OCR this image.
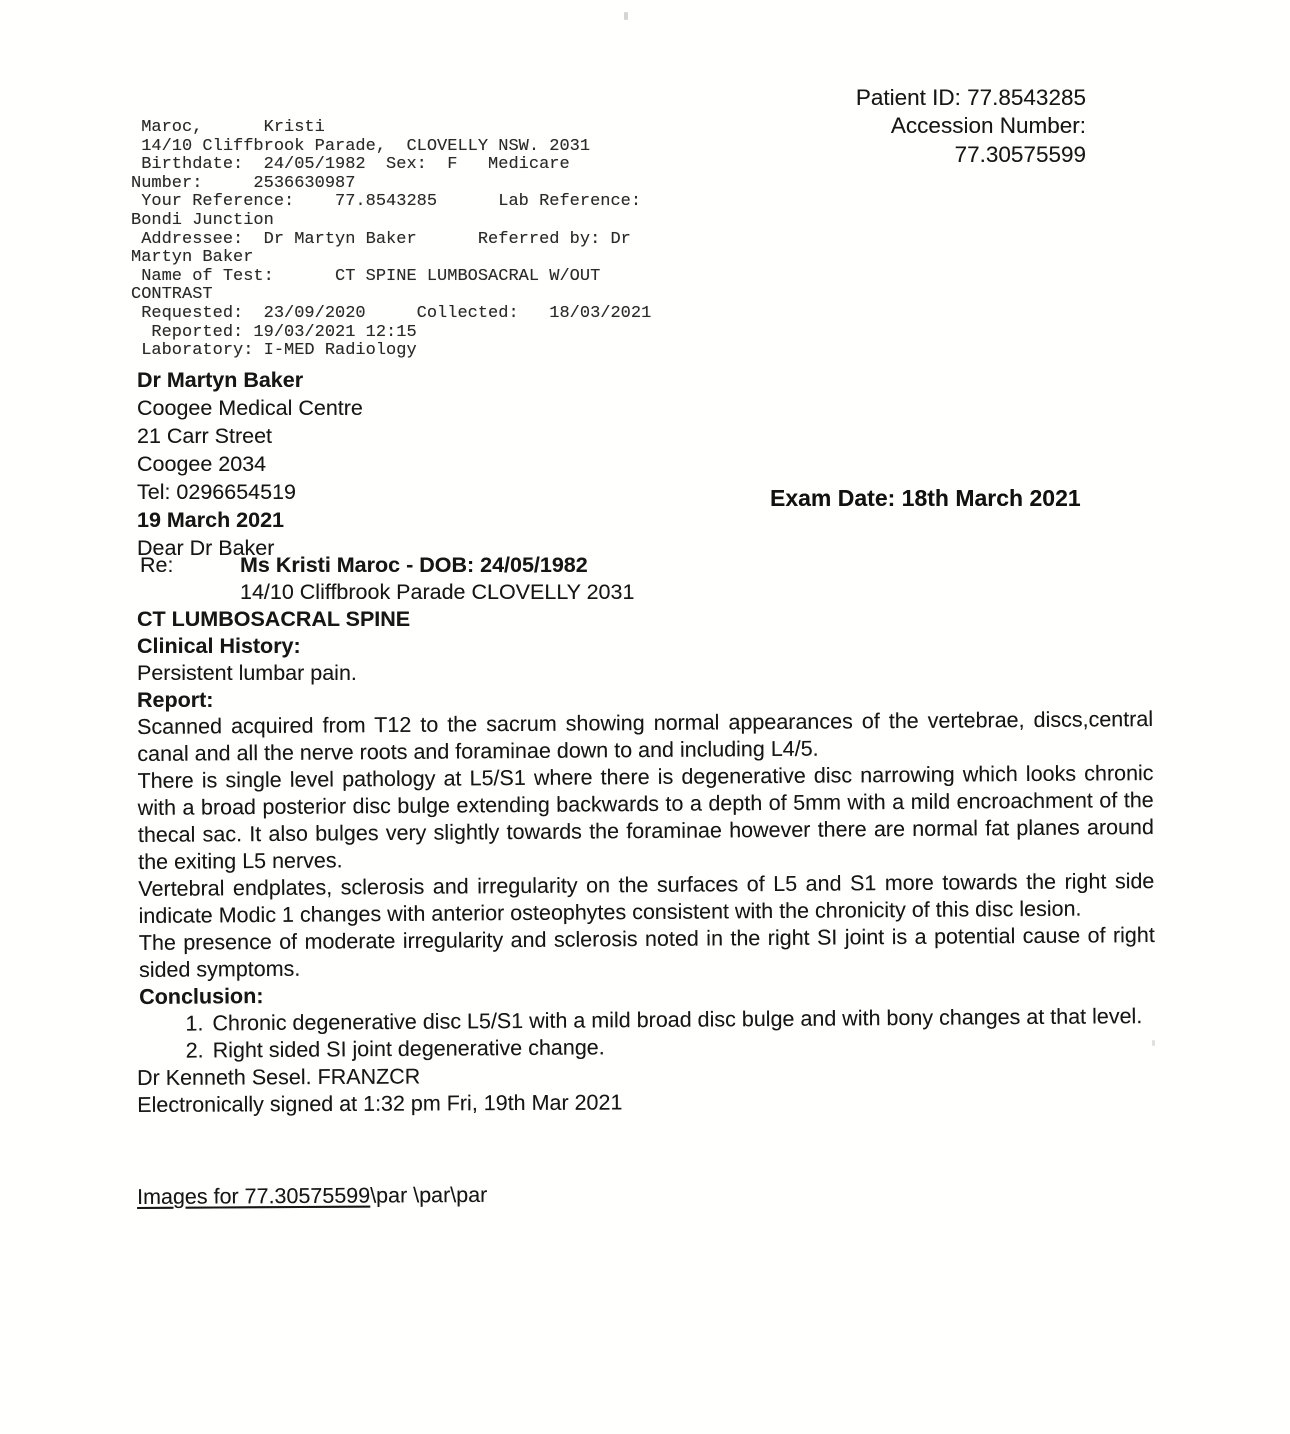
Patient ID: 77.8543285
Accession Number:
77.30575599
Maroc,      Kristi
14/10 Cliffbrook Parade,  CLOVELLY NSW. 2031
Birthdate:  24/05/1982  Sex:  F   Medicare
Number:     2536630987
Your Reference:    77.8543285      Lab Reference:
Bondi Junction
Addressee:  Dr Martyn Baker      Referred by: Dr
Martyn Baker
Name of Test:      CT SPINE LUMBOSACRAL W/OUT
CONTRAST
Requested:  23/09/2020     Collected:   18/03/2021
Reported: 19/03/2021 12:15
Laboratory: I-MED Radiology
Dr Martyn Baker
Coogee Medical Centre
21 Carr Street
Coogee 2034
Tel: 0296654519
19 March 2021
Dear Dr Baker
Exam Date: 18th March 2021
Re:	Ms Kristi Maroc - DOB: 24/05/1982
14/10 Cliffbrook Parade CLOVELLY 2031
CT LUMBOSACRAL SPINE
Clinical History:
Persistent lumbar pain.
Report:

Scanned acquired from T12 to the sacrum showing normal appearances of the vertebrae, discs,central canal and all the nerve roots and foraminae down to and including L4/5.

There is single level pathology at L5/S1 where there is degenerative disc narrowing which looks chronic with a broad posterior disc bulge extending backwards to a depth of 5mm with a mild encroachment of the thecal sac. It also bulges very slightly towards the foraminae however there are normal fat planes around the exiting L5 nerves.

Vertebral endplates, sclerosis and irregularity on the surfaces of L5 and S1 more towards the right side indicate Modic 1 changes with anterior osteophytes consistent with the chronicity of this disc lesion.

The presence of moderate irregularity and sclerosis noted in the right SI joint is a potential cause of right sided symptoms.

Conclusion:
1. Chronic degenerative disc L5/S1 with a mild broad disc bulge and with bony changes at that level.
2. Right sided SI joint degenerative change.
Dr Kenneth Sesel. FRANZCR
Electronically signed at 1:32 pm Fri, 19th Mar 2021
Images for 77.30575599\par \par\par
